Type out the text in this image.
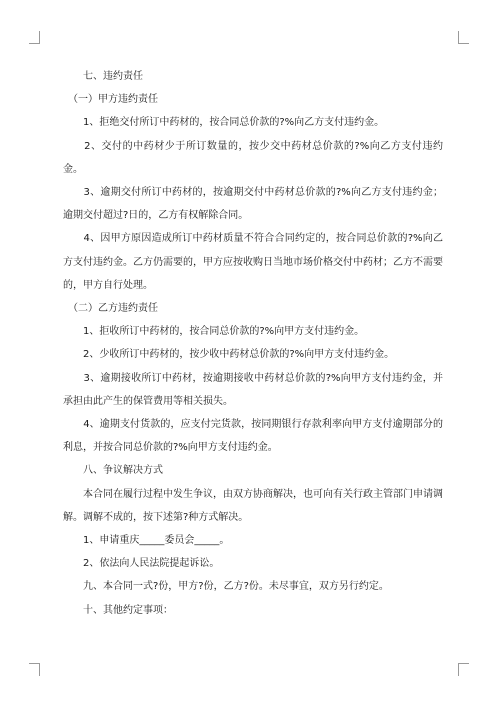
　　七、违约责任

　（一）甲方违约责任

　　1、拒绝交付所订中药材的，按合同总价款的?%向乙方支付违约金。

　　2、交付的中药材少于所订数量的，按少交中药材总价款的?%向乙方支付违约金。

　　3、逾期交付所订中药材的，按逾期交付中药材总价款的?%向乙方支付违约金；逾期交付超过?日的，乙方有权解除合同。

　　4、因甲方原因造成所订中药材质量不符合合同约定的，按合同总价款的?%向乙方支付违约金。乙方仍需要的，甲方应按收购日当地市场价格交付中药材；乙方不需要的，甲方自行处理。

　（二）乙方违约责任

　　1、拒收所订中药材的，按合同总价款的?%向甲方支付违约金。

　　2、少收所订中药材的，按少收中药材总价款的?%向甲方支付违约金。

　　3、逾期接收所订中药材，按逾期接收中药材总价款的?%向甲方支付违约金，并承担由此产生的保管费用等相关损失。

　　4、逾期支付货款的，应支付完货款，按同期银行存款利率向甲方支付逾期部分的利息，并按合同总价款的?%向甲方支付违约金。

　　八、争议解决方式

　　本合同在履行过程中发生争议，由双方协商解决，也可向有关行政主管部门申请调解。调解不成的，按下述第?种方式解决。

　　1、申请重庆_____委员会_____。

　　2、依法向人民法院提起诉讼。

　　九、本合同一式?份，甲方?份，乙方?份。未尽事宜，双方另行约定。

　　十、其他约定事项：
